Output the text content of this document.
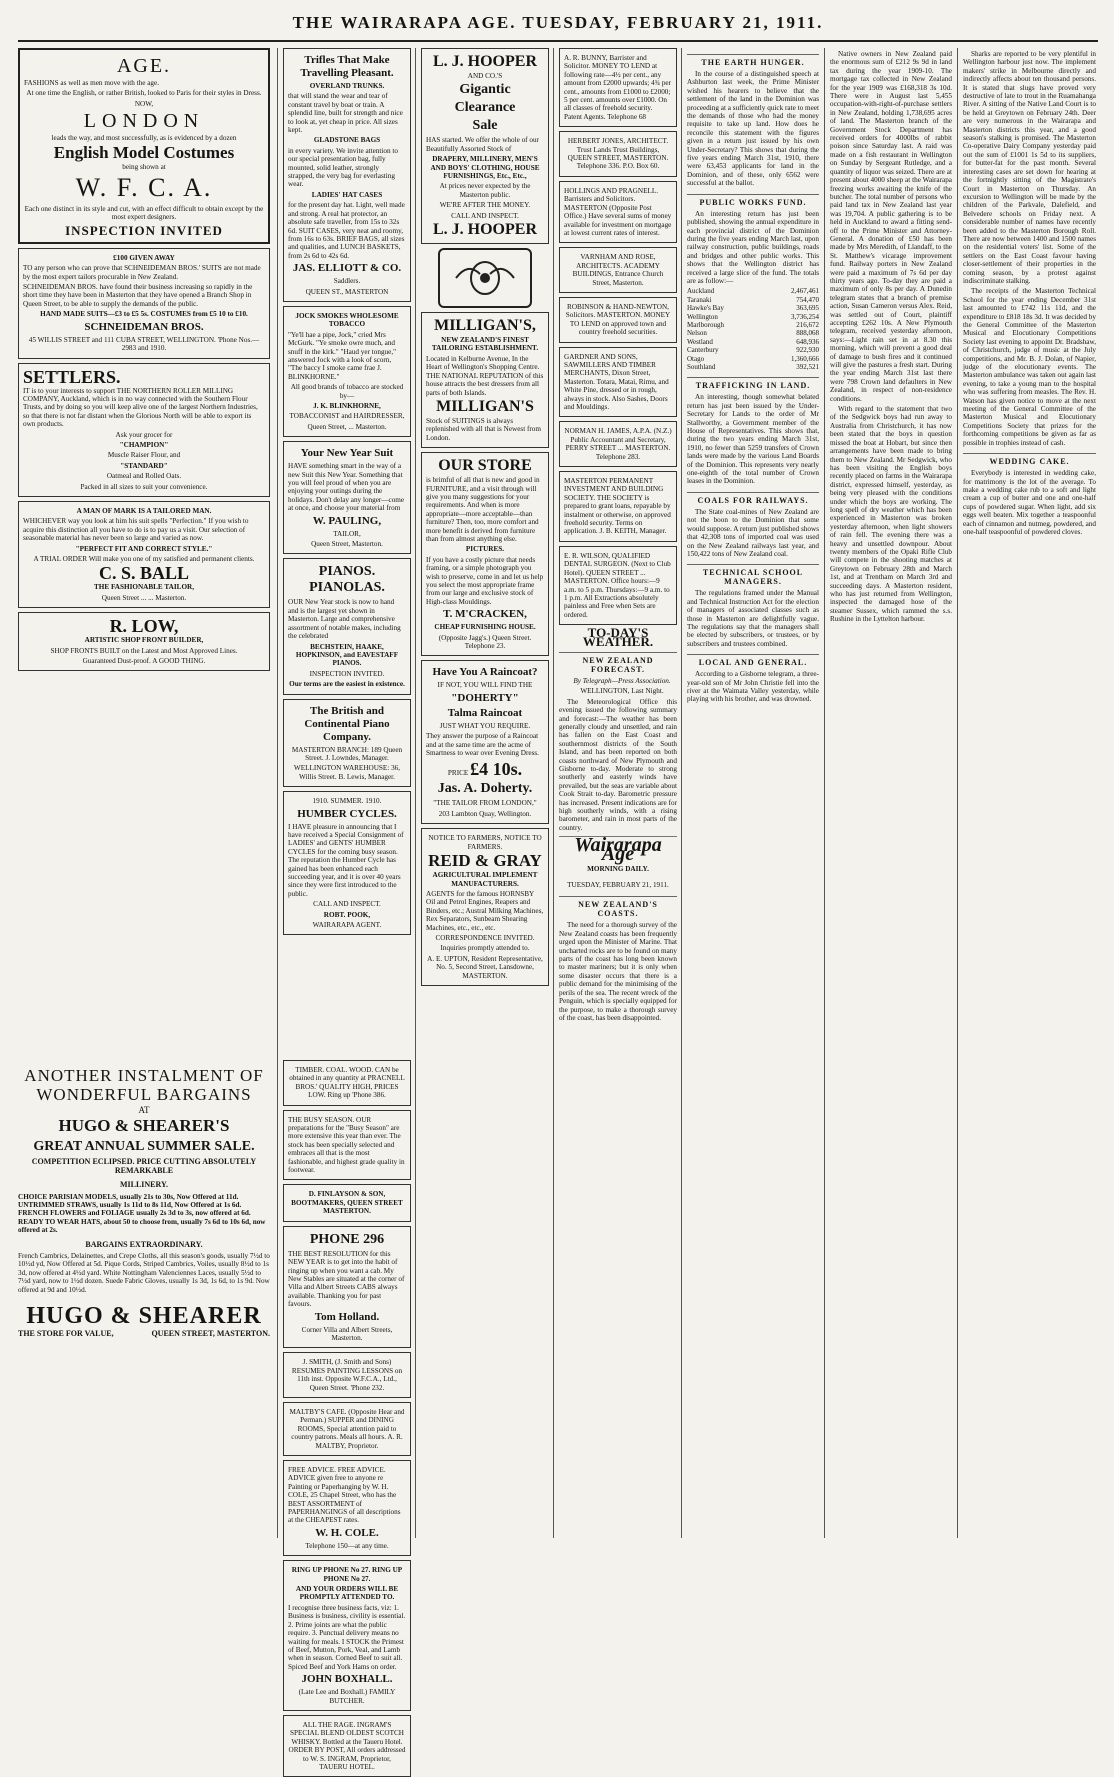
THE WAIRARAPA AGE. TUESDAY, FEBRUARY 21, 1911.
AGE.

FASHIONS as well as men move with the age.

At one time the English, or rather British, looked to Paris for their styles in Dress.

NOW,

LONDON

leads the way, and most successfully, as is evidenced by a dozen

English Model Costumes

being shown at

W. F. C. A.

Each one distinct in its style and cut, with an effect difficult to obtain except by the most expert designers.

INSPECTION INVITED

£100 GIVEN AWAY

TO any person who can prove that SCHNEIDEMAN BROS.' SUITS are not made by the most expert tailors procurable in New Zealand.

SCHNEIDEMAN BROS. have found their business increasing so rapidly in the short time they have been in Masterton that they have opened a Branch Shop in Queen Street, to be able to supply the demands of the public.

HAND MADE SUITS—£3 to £5 5s. COSTUMES from £5 10 to £10.

SCHNEIDEMAN BROS.

45 WILLIS STREET and 111 CUBA STREET, WELLINGTON. 'Phone Nos.—2983 and 1910.

SETTLERS.

IT is to your interests to support THE NORTHERN ROLLER MILLING COMPANY, Auckland, which is in no way connected with the Southern Flour Trusts, and by doing so you will keep alive one of the largest Northern Industries, so that there is not far distant when the Glorious North will be able to export its own products.

Ask your grocer for

"CHAMPION"

Muscle Raiser Flour, and

"STANDARD"

Oatmeal and Rolled Oats.

Packed in all sizes to suit your convenience.

A MAN OF MARK IS A TAILORED MAN.

WHICHEVER way you look at him his suit spells "Perfection." If you wish to acquire this distinction all you have to do is to pay us a visit. Our selection of seasonable material has never been so large and varied as now.

"PERFECT FIT AND CORRECT STYLE."

A TRIAL ORDER Will make you one of my satisfied and permanent clients.

C. S. BALL

THE FASHIONABLE TAILOR,

Queen Street ... ... Masterton.

R. LOW,

ARTISTIC SHOP FRONT BUILDER,

SHOP FRONTS BUILT on the Latest and Most Approved Lines.

Guaranteed Dust-proof. A GOOD THING.

Trifles That Make Travelling Pleasant.

OVERLAND TRUNKS.

that will stand the wear and tear of constant travel by boat or train. A splendid line, built for strength and nice to look at, yet cheap in price. All sizes kept.

GLADSTONE BAGS

in every variety. We invite attention to our special presentation bag, fully mounted, solid leather, strongly strapped, the very bag for everlasting wear.

LADIES' HAT CASES

for the present day hat. Light, well made and strong. A real hat protector, an absolute safe traveller, from 15s to 32s 6d. SUIT CASES, very neat and roomy, from 16s to 63s. BRIEF BAGS, all sizes and qualities, and LUNCH BASKETS, from 2s 6d to 42s 6d.

JAS. ELLIOTT & CO.

Saddlers.

QUEEN ST., MASTERTON

JOCK SMOKES WHOLESOME TOBACCO

"Ye'll hae a pipe, Jock," cried Mrs McGurk. "Ye smoke owre much, and snuff in the kirk." "Haud yer tongue," answered Jock with a look of scorn, "The baccy I smoke came frae J. BLINKHORNE."

All good brands of tobacco are stocked by—

J. K. BLINKHORNE,

TOBACCONIST and HAIRDRESSER,

Queen Street, ... Masterton.

Your New Year Suit

HAVE something smart in the way of a new Suit this New Year. Something that you will feel proud of when you are enjoying your outings during the holidays. Don't delay any longer—come at once, and choose your material from

W. PAULING,

TAILOR,

Queen Street, Masterton.

PIANOS. PIANOLAS.

OUR New Year stock is now to hand and is the largest yet shown in Masterton. Large and comprehensive assortment of notable makes, including the celebrated

BECHSTEIN, HAAKE, HOPKINSON, and EAVESTAFF PIANOS.

INSPECTION INVITED.

Our terms are the easiest in existence.

The British and Continental Piano Company.

MASTERTON BRANCH: 189 Queen Street. J. Lowndes, Manager.

WELLINGTON WAREHOUSE: 36, Willis Street. B. Lewis, Manager.

1910. SUMMER. 1910.

HUMBER CYCLES.

I HAVE pleasure in announcing that I have received a Special Consignment of LADIES' and GENTS' HUMBER CYCLES for the coming busy season. The reputation the Humber Cycle has gained has been enhanced each succeeding year, and it is over 40 years since they were first introduced to the public.

CALL AND INSPECT.

ROBT. POOK,

WAIRARAPA AGENT.

L. J. HOOPER

AND CO.'S

Gigantic
Clearance
Sale

HAS started. We offer the whole of our Beautifully Assorted Stock of

DRAPERY, MILLINERY, MEN'S AND BOYS' CLOTHING, HOUSE FURNISHINGS, Etc., Etc.,

At prices never expected by the Masterton public.

WE'RE AFTER THE MONEY.

CALL AND INSPECT.

L. J. HOOPER
MILLIGAN'S,

NEW ZEALAND'S FINEST TAILORING ESTABLISHMENT.

Located in Kelburne Avenue, In the Heart of Wellington's Shopping Centre. THE NATIONAL REPUTATION of this house attracts the best dressers from all parts of both Islands.

MILLIGAN'S

Stock of SUITINGS is always replenished with all that is Newest from London.

OUR STORE

is brimful of all that is new and good in FURNITURE, and a visit through will give you many suggestions for your requirements. And when is more appropriate—more acceptable—than furniture? Then, too, more comfort and more benefit is derived from furniture than from almost anything else.

PICTURES.

If you have a costly picture that needs framing, or a simple photograph you wish to preserve, come in and let us help you select the most appropriate frame from our large and exclusive stock of High-class Mouldings.

T. M'CRACKEN,

CHEAP FURNISHING HOUSE.

(Opposite Jagg's.) Queen Street. Telephone 23.

Have You A Raincoat?

IF NOT, YOU WILL FIND THE

"DOHERTY"
Talma Raincoat

JUST WHAT YOU REQUIRE.

They answer the purpose of a Raincoat and at the same time are the acme of Smartness to wear over Evening Dress.

PRICE £4 10s.

Jas. A. Doherty.

"THE TAILOR FROM LONDON,"

203 Lambton Quay, Wellington.

NOTICE TO FARMERS, NOTICE TO FARMERS.

REID & GRAY

AGRICULTURAL IMPLEMENT MANUFACTURERS.

AGENTS for the famous HORNSBY Oil and Petrol Engines, Reapers and Binders, etc.; Austral Milking Machines, Rex Separators, Sunbeam Shearing Machines, etc., etc., etc.

CORRESPONDENCE INVITED.

Inquiries promptly attended to.

A. E. UPTON, Resident Representative, No. 5, Second Street, Lansdowne, MASTERTON.

A. R. BUNNY, Barrister and Solicitor. MONEY TO LEND at following rate—4½ per cent., any amount from £2000 upwards; 4¾ per cent., amounts from £1000 to £2000; 5 per cent. amounts over £1000. On all classes of freehold security. Patent Agents. Telephone 68

HERBERT JONES, ARCHITECT. Trust Lands Trust Buildings, QUEEN STREET, MASTERTON. Telephone 336. P.O. Box 60.

HOLLINGS AND PRAGNELL. Barristers and Solicitors. MASTERTON (Opposite Post Office.) Have several sums of money available for investment on mortgage at lowest current rates of interest.

VARNHAM AND ROSE, ARCHITECTS. ACADEMY BUILDINGS, Entrance Church Street, Masterton.

ROBINSON & HAND-NEWTON, Solicitors. MASTERTON. MONEY TO LEND on approved town and country freehold securities.

GARDNER AND SONS, SAWMILLERS AND TIMBER MERCHANTS, Dixon Street, Masterton. Totara, Matai, Rimu, and White Pine, dressed or in rough, always in stock. Also Sashes, Doors and Mouldings.

NORMAN H. JAMES, A.P.A. (N.Z.) Public Accountant and Secretary, PERRY STREET ... MASTERTON. Telephone 283.

MASTERTON PERMANENT INVESTMENT AND BUILDING SOCIETY. THE SOCIETY is prepared to grant loans, repayable by instalment or otherwise, on approved freehold security. Terms on application. J. B. KEITH, Manager.

E. R. WILSON, QUALIFIED DENTAL SURGEON. (Next to Club Hotel). QUEEN STREET ... MASTERTON. Office hours:—9 a.m. to 5 p.m. Thursdays:—9 a.m. to 1 p.m. All Extractions absolutely painless and Free when Sets are ordered.

TO-DAY'S WEATHER.
NEW ZEALAND FORECAST.

By Telegraph—Press Association.

WELLINGTON, Last Night.

The Meteorological Office this evening issued the following summary and forecast:—The weather has been generally cloudy and unsettled, and rain has fallen on the East Coast and southernmost districts of the South Island, and has been reported on both coasts northward of New Plymouth and Gisborne to-day. Moderate to strong southerly and easterly winds have prevailed, but the seas are variable about Cook Strait to-day. Barometric pressure has increased. Present indications are for high southerly winds, with a rising barometer, and rain in most parts of the country.

Wairarapa Age

MORNING DAILY.

TUESDAY, FEBRUARY 21, 1911.

NEW ZEALAND'S COASTS.

The need for a thorough survey of the New Zealand coasts has been frequently urged upon the Minister of Marine. That uncharted rocks are to be found on many parts of the coast has long been known to master mariners; but it is only when some disaster occurs that there is a public demand for the minimising of the perils of the sea. The recent wreck of the Penguin, which is specially equipped for the purpose, to make a thorough survey of the coast, has been disappointed.

THE EARTH HUNGER.

In the course of a distinguished speech at Ashburton last week, the Prime Minister wished his hearers to believe that the settlement of the land in the Dominion was proceeding at a sufficiently quick rate to meet the demands of those who had the money requisite to take up land. How does he reconcile this statement with the figures given in a return just issued by his own Under-Secretary? This shows that during the five years ending March 31st, 1910, there were 63,453 applicants for land in the Dominion, and of these, only 6562 were successful at the ballot.

PUBLIC WORKS FUND.

An interesting return has just been published, showing the annual expenditure in each provincial district of the Dominion during the five years ending March last, upon railway construction, public buildings, roads and bridges and other public works. This shows that the Wellington district has received a large slice of the fund. The totals are as follow:—

Auckland	2,467,461
Taranaki	754,470
Hawke's Bay	363,695
Wellington	3,736,254
Marlborough	216,672
Nelson	888,068
Westland	648,936
Canterbury	922,930
Otago	1,360,666
Southland	392,521
TRAFFICKING IN LAND.

An interesting, though somewhat belated return has just been issued by the Under-Secretary for Lands to the order of Mr Stallworthy, a Government member of the House of Representatives. This shows that, during the two years ending March 31st, 1910, no fewer than 5259 transfers of Crown lands were made by the various Land Boards of the Dominion. This represents very nearly one-eighth of the total number of Crown leases in the Dominion.

COALS FOR RAILWAYS.

The State coal-mines of New Zealand are not the boon to the Dominion that some would suppose. A return just published shows that 42,308 tons of imported coal was used on the New Zealand railways last year, and 150,422 tons of New Zealand coal.

TECHNICAL SCHOOL MANAGERS.

The regulations framed under the Manual and Technical Instruction Act for the election of managers of associated classes such as those in Masterton are delightfully vague. The regulations say that the managers shall be elected by subscribers, or trustees, or by subscribers and trustees combined.

LOCAL AND GENERAL.

According to a Gisborne telegram, a three-year-old son of Mr John Christie fell into the river at the Waimata Valley yesterday, while playing with his brother, and was drowned.

Native owners in New Zealand paid the enormous sum of £212 9s 9d in land tax during the year 1909-10. The mortgage tax collected in New Zealand for the year 1909 was £168,318 3s 10d. There were in August last 5,455 occupation-with-right-of-purchase settlers in New Zealand, holding 1,738,695 acres of land. The Masterton branch of the Government Stock Department has received orders for 4000lbs of rabbit poison since Saturday last. A raid was made on a fish restaurant in Wellington on Sunday by Sergeant Rutledge, and a quantity of liquor was seized. There are at present about 4000 sheep at the Wairarapa freezing works awaiting the knife of the butcher. The total number of persons who paid land tax in New Zealand last year was 19,704. A public gathering is to be held in Auckland to award a fitting send-off to the Prime Minister and Attorney-General. A donation of £50 has been made by Mrs Meredith, of Llandaff, to the St. Matthew's vicarage improvement fund. Railway porters in New Zealand were paid a maximum of 7s 6d per day thirty years ago. To-day they are paid a maximum of only 8s per day. A Dunedin telegram states that a branch of premise action, Susan Cameron versus Alex. Reid, was settled out of Court, plaintiff accepting £262 10s. A New Plymouth telegram, received yesterday afternoon, says:—Light rain set in at 8.30 this morning, which will prevent a good deal of damage to bush fires and it continued will give the pastures a fresh start. During the year ending March 31st last there were 798 Crown land defaulters in New Zealand, in respect of non-residence conditions.

With regard to the statement that two of the Sedgwick boys had run away to Australia from Christchurch, it has now been stated that the boys in question missed the boat at Hobart, but since then arrangements have been made to bring them to New Zealand. Mr Sedgwick, who has been visiting the English boys recently placed on farms in the Wairarapa district, expressed himself, yesterday, as being very pleased with the conditions under which the boys are working. The long spell of dry weather which has been experienced in Masterton was broken yesterday afternoon, when light showers of rain fell. The evening there was a heavy and unsettled downpour. About twenty members of the Opaki Rifle Club will compete in the shooting matches at Greytown on February 28th and March 1st, and at Trentham on March 3rd and succeeding days. A Masterton resident, who has just returned from Wellington, inspected the damaged hose of the steamer Sussex, which rammed the s.s. Rushine in the Lyttelton harbour.

Sharks are reported to be very plentiful in Wellington harbour just now. The implement makers' strike in Melbourne directly and indirectly affects about ten thousand persons. It is stated that slugs have proved very destructive of late to trout in the Ruamahanga River. A sitting of the Native Land Court is to be held at Greytown on February 24th. Deer are very numerous in the Wairarapa and Masterton districts this year, and a good season's stalking is promised. The Masterton Co-operative Dairy Company yesterday paid out the sum of £1001 1s 5d to its suppliers, for butter-fat for the past month. Several interesting cases are set down for hearing at the fortnightly sitting of the Magistrate's Court in Masterton on Thursday. An excursion to Wellington will be made by the children of the Parkvale, Dalefield, and Belvedere schools on Friday next. A considerable number of names have recently been added to the Masterton Borough Roll. There are now between 1400 and 1500 names on the residential voters' list. Some of the settlers on the East Coast favour having closer-settlement of their properties in the coming season, by a protest against indiscriminate stalking.

The receipts of the Masterton Technical School for the year ending December 31st last amounted to £742 11s 11d, and the expenditure to £818 18s 3d. It was decided by the General Committee of the Masterton Musical and Elocutionary Competitions Society last evening to appoint Dr. Bradshaw, of Christchurch, judge of music at the July competitions, and Mr. B. J. Dolan, of Napier, judge of the elocutionary events. The Masterton ambulance was taken out again last evening, to take a young man to the hospital who was suffering from measles. The Rev. H. Watson has given notice to move at the next meeting of the General Committee of the Masterton Musical and Elocutionary Competitions Society that prizes for the forthcoming competitions be given as far as possible in trophies instead of cash.

WEDDING CAKE.

Everybody is interested in wedding cake, for matrimony is the lot of the average. To make a wedding cake rub to a soft and light cream a cup of butter and one and one-half cups of powdered sugar. When light, add six eggs well beaten. Mix together a teaspoonful each of cinnamon and nutmeg, powdered, and one-half teaspoonful of powdered cloves.

ANOTHER INSTALMENT OF WONDERFUL BARGAINS
AT
HUGO & SHEARER'S
GREAT ANNUAL SUMMER SALE.
COMPETITION ECLIPSED. PRICE CUTTING ABSOLUTELY REMARKABLE
MILLINERY.

CHOICE PARISIAN MODELS, usually 21s to 30s, Now Offered at 11d. UNTRIMMED STRAWS, usually 1s 11d to 8s 11d, Now Offered at 1s 6d. FRENCH FLOWERS and FOLIAGE usually 2s 3d to 3s, now offered at 6d. READY TO WEAR HATS, about 50 to choose from, usually 7s 6d to 10s 6d, now offered at 2s.

BARGAINS EXTRAORDINARY.

French Cambrics, Delainettes, and Crepe Cloths, all this season's goods, usually 7½d to 10½d yd, Now Offered at 5d. Pique Cords, Striped Cambrics, Voiles, usually 8½d to 1s 3d, now offered at 4½d yard. White Nottingham Valenciennes Laces, usually 5½d to 7½d yard, now to 1½d dozen. Suede Fabric Gloves, usually 1s 3d, 1s 6d, to 1s 9d. Now offered at 9d and 10½d.

HUGO & SHEARER
THE STORE FOR VALUE,	QUEEN STREET, MASTERTON.

TIMBER. COAL. WOOD. CAN be obtained in any quantity at PRACNELL BROS.' QUALITY HIGH, PRICES LOW. Ring up 'Phone 386.

THE BUSY SEASON. OUR preparations for the "Busy Season" are more extensive this year than ever. The stock has been specially selected and embraces all that is the most fashionable, and highest grade quality in footwear.

D. FINLAYSON & SON, BOOTMAKERS, QUEEN STREET MASTERTON.

PHONE 296

THE BEST RESOLUTION for this NEW YEAR is to get into the habit of ringing up when you want a cab. My New Stables are situated at the corner of Villa and Albert Streets CABS always available. Thanking you for past favours.

Tom Holland.

Corner Villa and Albert Streets, Masterton.

J. SMITH, (J. Smith and Sons) RESUMES PAINTING LESSONS on 11th inst. Opposite W.F.C.A., Ltd., Queen Street. 'Phone 232.

MALTBY'S CAFE. (Opposite Hear and Perman.) SUPPER and DINING ROOMS, Special attention paid to country patrons. Meals all hours. A. R. MALTBY, Proprietor.

FREE ADVICE. FREE ADVICE. ADVICE given free to anyone re Painting or Paperhanging by W. H. COLE, 25 Chapel Street, who has the BEST ASSORTMENT of PAPERHANGINGS of all descriptions at the CHEAPEST rates.

W. H. COLE.

Telephone 150—at any time.

RING UP PHONE No 27. RING UP PHONE No 27.

AND YOUR ORDERS WILL BE PROMPTLY ATTENDED TO.

I recognise three business facts, viz: 1. Business is business, civility is essential. 2. Prime joints are what the public require. 3. Punctual delivery means no waiting for meals. I STOCK the Primest of Beef, Mutton, Pork, Veal, and Lamb when in season. Corned Beef to suit all. Spiced Beef and York Hams on order.

JOHN BOXHALL.

(Late Lee and Boxhall.) FAMILY BUTCHER.

ALL THE RAGE. INGRAM'S SPECIAL BLEND OLDEST SCOTCH WHISKY. Bottled at the Taueru Hotel. ORDER BY POST, All orders addressed to W. S. INGRAM, Proprietor, TAUERU HOTEL.
